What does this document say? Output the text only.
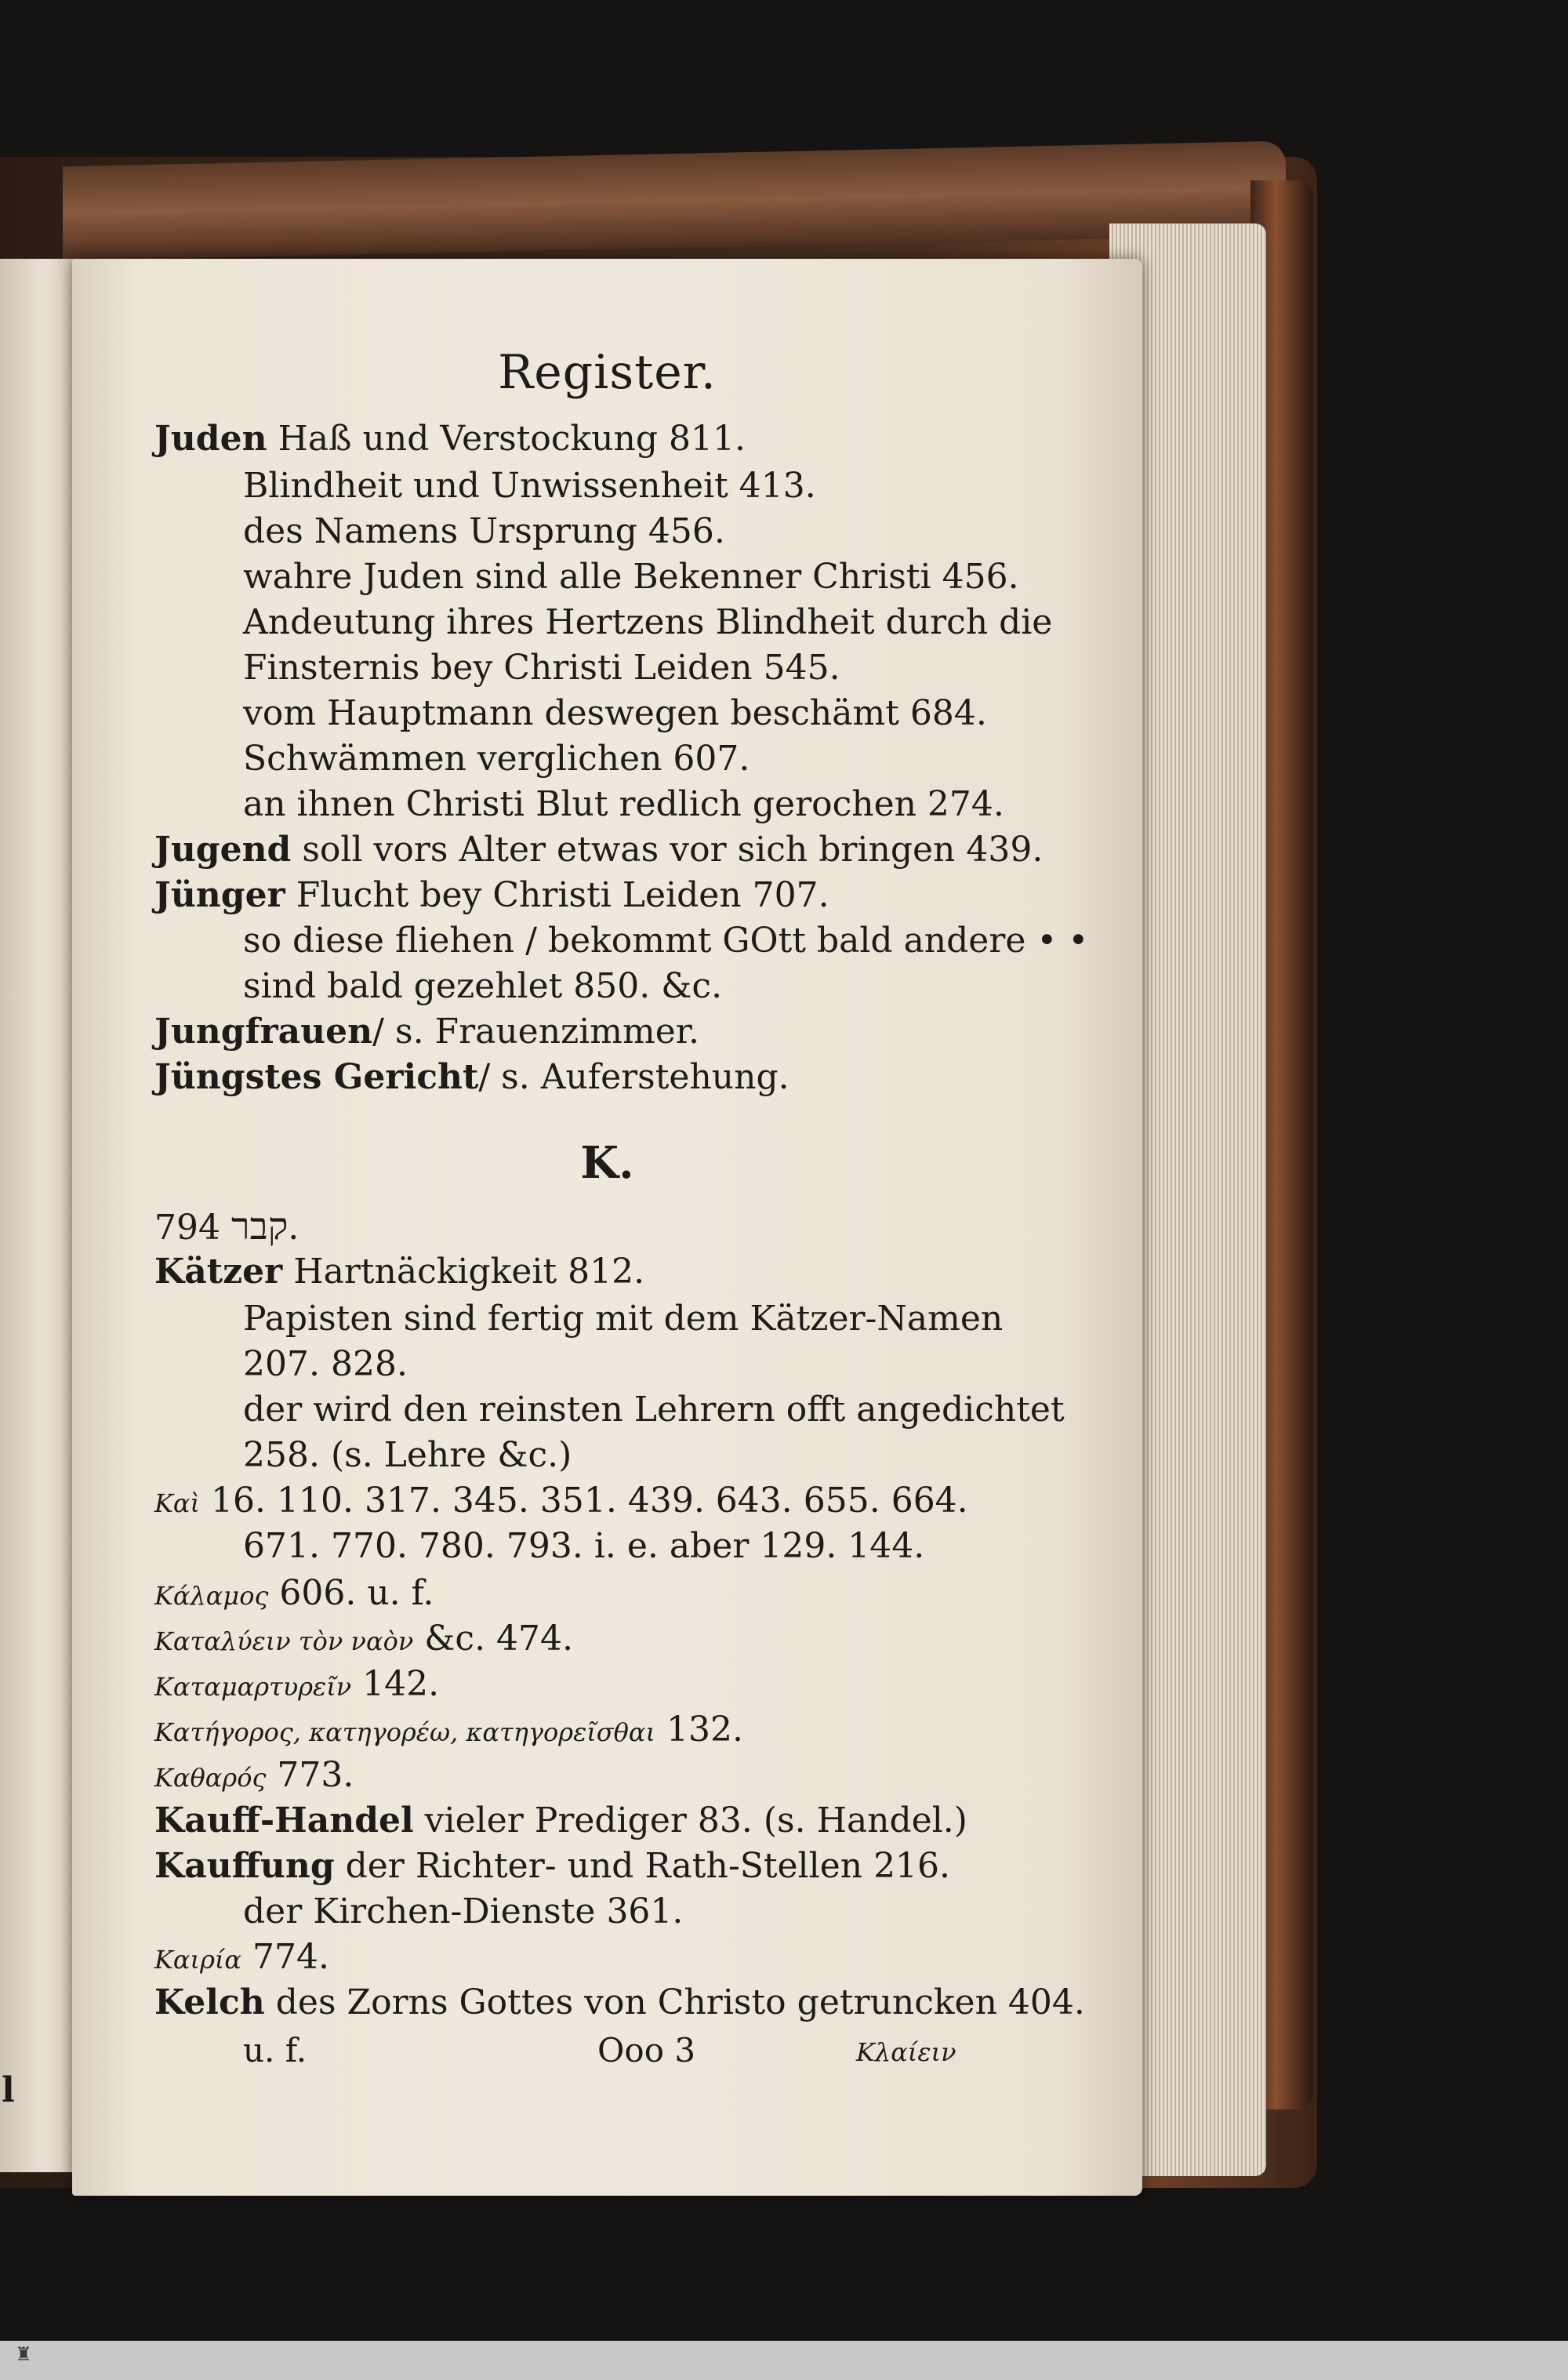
l
Register.
Juden Haß und Verstockung 811.
Blindheit und Unwissenheit 413.
des Namens Ursprung 456.
wahre Juden sind alle Bekenner Christi 456.
Andeutung ihres Hertzens Blindheit durch die
Finsternis bey Christi Leiden 545.
vom Hauptmann deswegen beschämt 684.
Schwämmen verglichen 607.
an ihnen Christi Blut redlich gerochen 274.
Jugend soll vors Alter etwas vor sich bringen 439.
Jünger Flucht bey Christi Leiden 707.
so diese fliehen / bekommt GOtt bald andere • •
sind bald gezehlet 850. &c.
Jungfrauen/ s. Frauenzimmer.
Jüngstes Gericht/ s. Auferstehung.
K.
קבר 794.
Kätzer Hartnäckigkeit 812.
Papisten sind fertig mit dem Kätzer-Namen
207. 828.
der wird den reinsten Lehrern offt angedichtet
258. (s. Lehre &c.)
Καὶ 16. 110. 317. 345. 351. 439. 643. 655. 664.
671. 770. 780. 793. i. e. aber 129. 144.
Κάλαμος 606. u. f.
Καταλύειν τὸν ναὸν &c. 474.
Καταμαρτυρεῖν 142.
Κατήγορος, κατηγορέω, κατηγορεῖσθαι 132.
Καθαρός 773.
Kauff-Handel vieler Prediger 83. (s. Handel.)
Kauffung der Richter- und Rath-Stellen 216.
der Kirchen-Dienste 361.
Καιρία 774.
Kelch des Zorns Gottes von Christo getruncken 404.
u. f.	Ooo 3	Κλαίειν
♜
